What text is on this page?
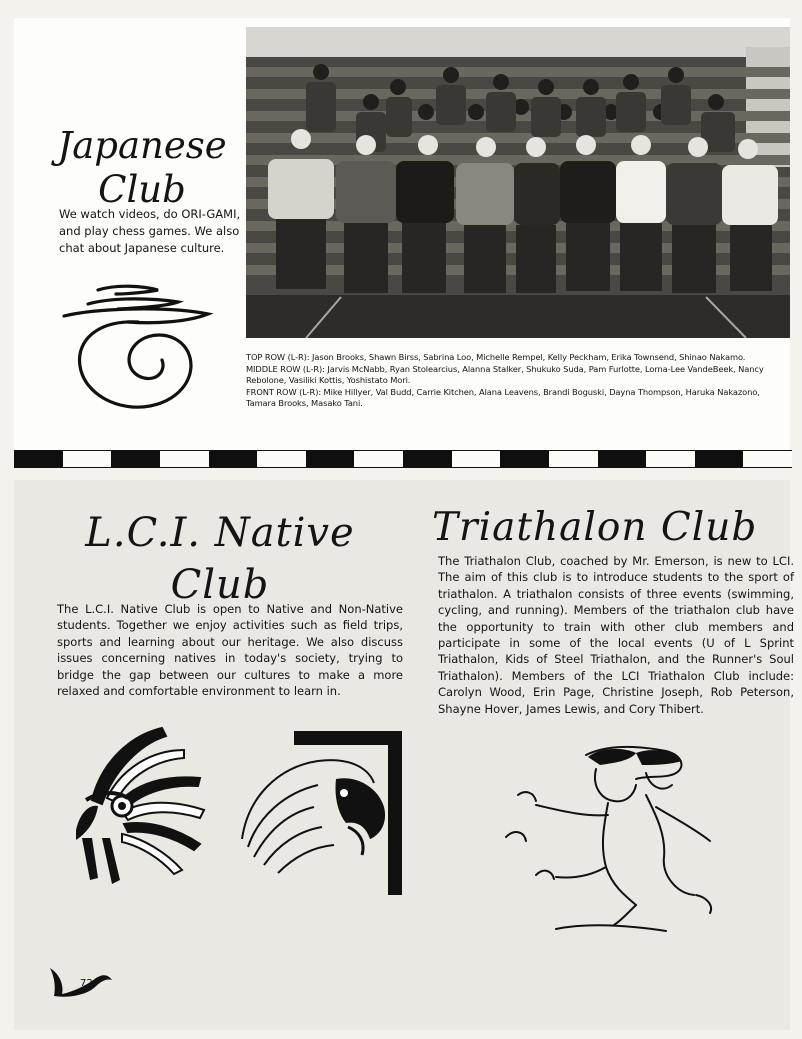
Japanese
Club

We watch videos, do ORI-GAMI, and play chess games. We also chat about Japanese culture.

TOP ROW (L-R): Jason Brooks, Shawn Birss, Sabrina Loo, Michelle Rempel, Kelly Peckham, Erika Townsend, Shinao Nakamo.
MIDDLE ROW (L-R): Jarvis McNabb, Ryan Stolearcius, Alanna Stalker, Shukuko Suda, Pam Furlotte, Lorna-Lee VandeBeek, Nancy Rebolone, Vasiliki Kottis, Yoshistato Mori.
FRONT ROW (L-R): Mike Hillyer, Val Budd, Carrie Kitchen, Alana Leavens, Brandi Boguski, Dayna Thompson, Haruka Nakazono, Tamara Brooks, Masako Tani.

L.C.I. Native
Club

The L.C.I. Native Club is open to Native and Non-Native students. Together we enjoy activities such as field trips, sports and learning about our heritage. We also discuss issues concerning natives in today's society, trying to bridge the gap between our cultures to make a more relaxed and comfortable environment to learn in.

Triathalon Club

The Triathalon Club, coached by Mr. Emerson, is new to LCI. The aim of this club is to introduce students to the sport of triathalon. A triathalon consists of three events (swimming, cycling, and running). Members of the triathalon club have the opportunity to train with other club members and participate in some of the local events (U of L Sprint Triathalon, Kids of Steel Triathalon, and the Runner's Soul Triathalon). Members of the LCI Triathalon Club include: Carolyn Wood, Erin Page, Christine Joseph, Rob Peterson, Shayne Hover, James Lewis, and Cory Thibert.

72
